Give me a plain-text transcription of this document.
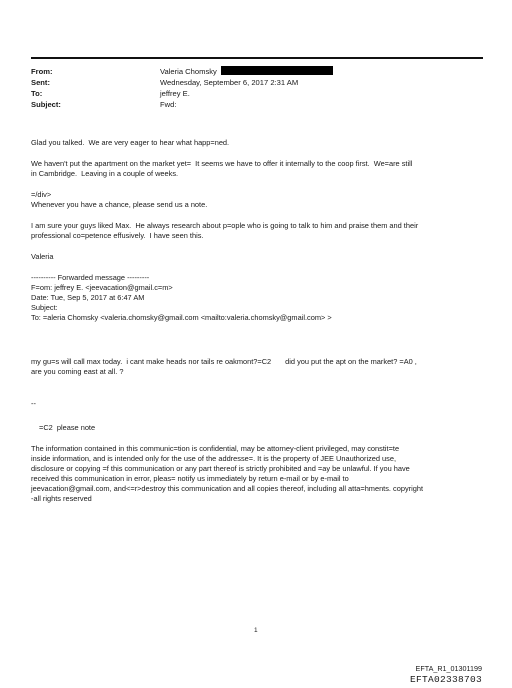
From:	Valeria Chomsky
Sent:	Wednesday, September 6, 2017 2:31 AM
To:	jeffrey E.
Subject:	Fwd:

Glad you talked.  We are very eager to hear what happ=ned.

We haven't put the apartment on the market yet=  It seems we have to offer it internally to the coop first.  We=are still

in Cambridge.  Leaving in a couple of weeks.

=/div>

Whenever you have a chance, please send us a note.

I am sure your guys liked Max.  He always research about p=ople who is going to talk to him and praise them and their

professional co=petence effusively.  I have seen this.

Valeria

---------- Forwarded message ---------

F=om: jeffrey E. <jeevacation@gmail.c=m>

Date: Tue, Sep 5, 2017 at 6:47 AM

Subject:

To: =aleria Chomsky <valeria.chomsky@gmail.com <mailto:valeria.chomsky@gmail.com> >

my gu=s will call max today.  i cant make heads nor tails re oakmont?=C2 did you put the apt on the market? =A0 ,

are you coming east at all. ?

--

=C2  please note

The information contained in this communic=tion is confidential, may be attorney-client privileged, may constit=te

inside information, and is intended only for the use of the addresse=. It is the property of JEE Unauthorized use,

disclosure or copying =f this communication or any part thereof is strictly prohibited and =ay be unlawful. If you have

received this communication in error, pleas= notify us immediately by return e-mail or by e-mail to

jeevacation@gmail.com, and<=r>destroy this communication and all copies thereof, including all atta=hments. copyright

-all rights reserved

1
EFTA_R1_01301199
EFTA02338703
